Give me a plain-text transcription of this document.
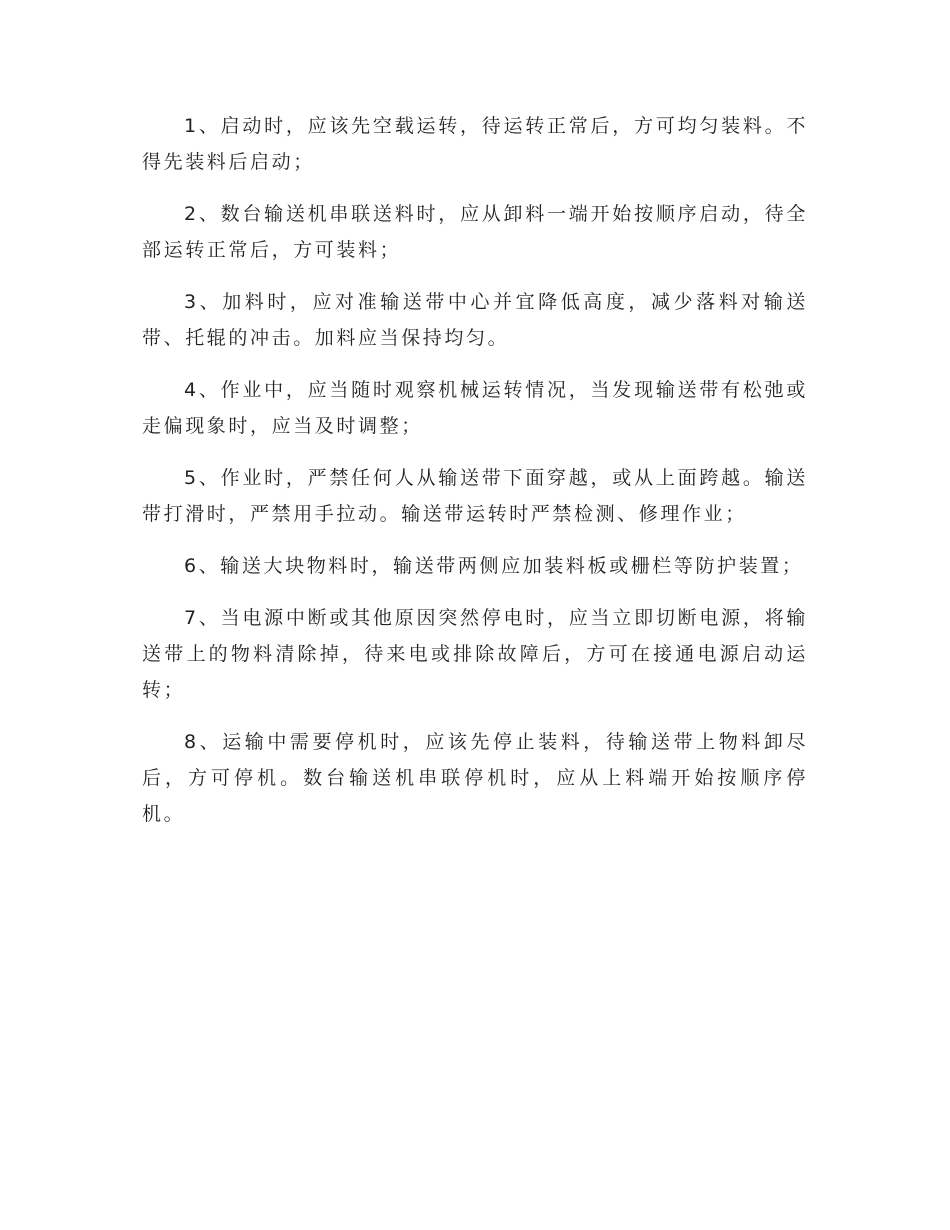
1、启动时，应该先空载运转，待运转正常后，方可均匀装料。不得先装料后启动；

2、数台输送机串联送料时，应从卸料一端开始按顺序启动，待全部运转正常后，方可装料；

3、加料时，应对准输送带中心并宜降低高度，减少落料对输送带、托辊的冲击。加料应当保持均匀。

4、作业中，应当随时观察机械运转情况，当发现输送带有松弛或走偏现象时，应当及时调整；

5、作业时，严禁任何人从输送带下面穿越，或从上面跨越。输送带打滑时，严禁用手拉动。输送带运转时严禁检测、修理作业；

6、输送大块物料时，输送带两侧应加装料板或栅栏等防护装置；

7、当电源中断或其他原因突然停电时，应当立即切断电源，将输送带上的物料清除掉，待来电或排除故障后，方可在接通电源启动运转；

8、运输中需要停机时，应该先停止装料，待输送带上物料卸尽后，方可停机。数台输送机串联停机时，应从上料端开始按顺序停机。
